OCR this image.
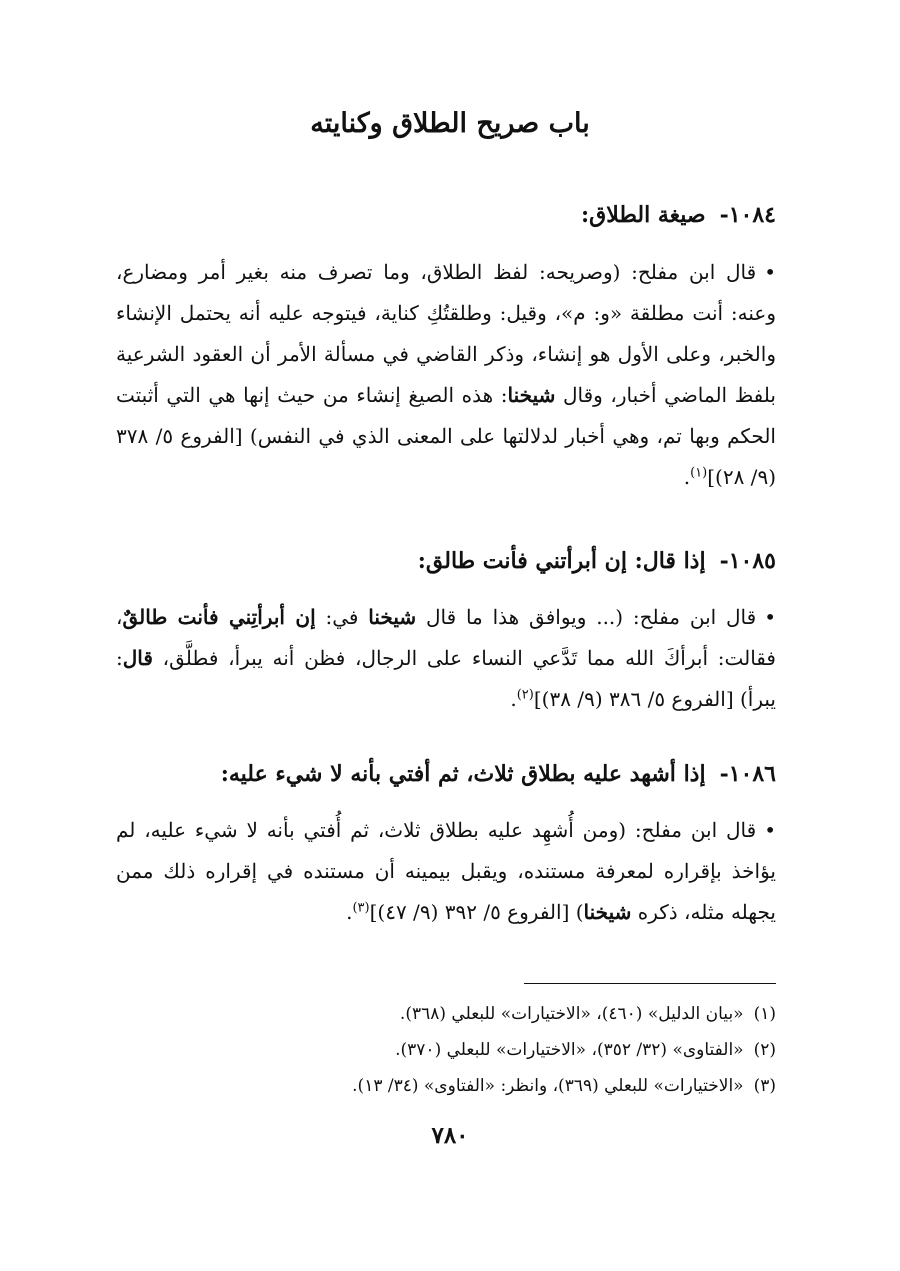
باب صريح الطلاق وكنايته
١٠٨٤-صيغة الطلاق:
•قال ابن مفلح: (وصريحه: لفظ الطلاق، وما تصرف منه بغير أمر ومضارع، وعنه: أنت مطلقة «و: م»، وقيل: وطلقتُكِ كناية، فيتوجه عليه أنه يحتمل الإنشاء والخبر، وعلى الأول هو إنشاء، وذكر القاضي في مسألة الأمر أن العقود الشرعية بلفظ الماضي أخبار، وقال شيخنا: هذه الصيغ إنشاء من حيث إنها هي التي أثبتت الحكم وبها تم، وهي أخبار لدلالتها على المعنى الذي في النفس) [الفروع ٥/ ٣٧٨ (٩/ ٢٨)]$^{(١)}$.
١٠٨٥-إذا قال: إن أبرأتني فأنت طالق:
•قال ابن مفلح: (... ويوافق هذا ما قال شيخنا في: إن أبرأتِني فأنت طالقٌ، فقالت: أبرأكَ الله مما تَدَّعي النساء على الرجال، فظن أنه يبرأ، فطلَّق، قال: يبرأ) [الفروع ٥/ ٣٨٦ (٩/ ٣٨)]$^{(٢)}$.
١٠٨٦-إذا أشهد عليه بطلاق ثلاث، ثم أفتي بأنه لا شيء عليه:
•قال ابن مفلح: (ومن أُشهِد عليه بطلاق ثلاث، ثم أُفتي بأنه لا شيء عليه، لم يؤاخذ بإقراره لمعرفة مستنده، ويقبل بيمينه أن مستنده في إقراره ذلك ممن يجهله مثله، ذكره شيخنا) [الفروع ٥/ ٣٩٢ (٩/ ٤٧)]$^{(٣)}$.
(١)«بيان الدليل» (٤٦٠)، «الاختيارات» للبعلي (٣٦٨).
(٢)«الفتاوى» (٣٢/ ٣٥٢)، «الاختيارات» للبعلي (٣٧٠).
(٣)«الاختيارات» للبعلي (٣٦٩)، وانظر: «الفتاوى» (٣٤/ ١٣).
٧٨٠
